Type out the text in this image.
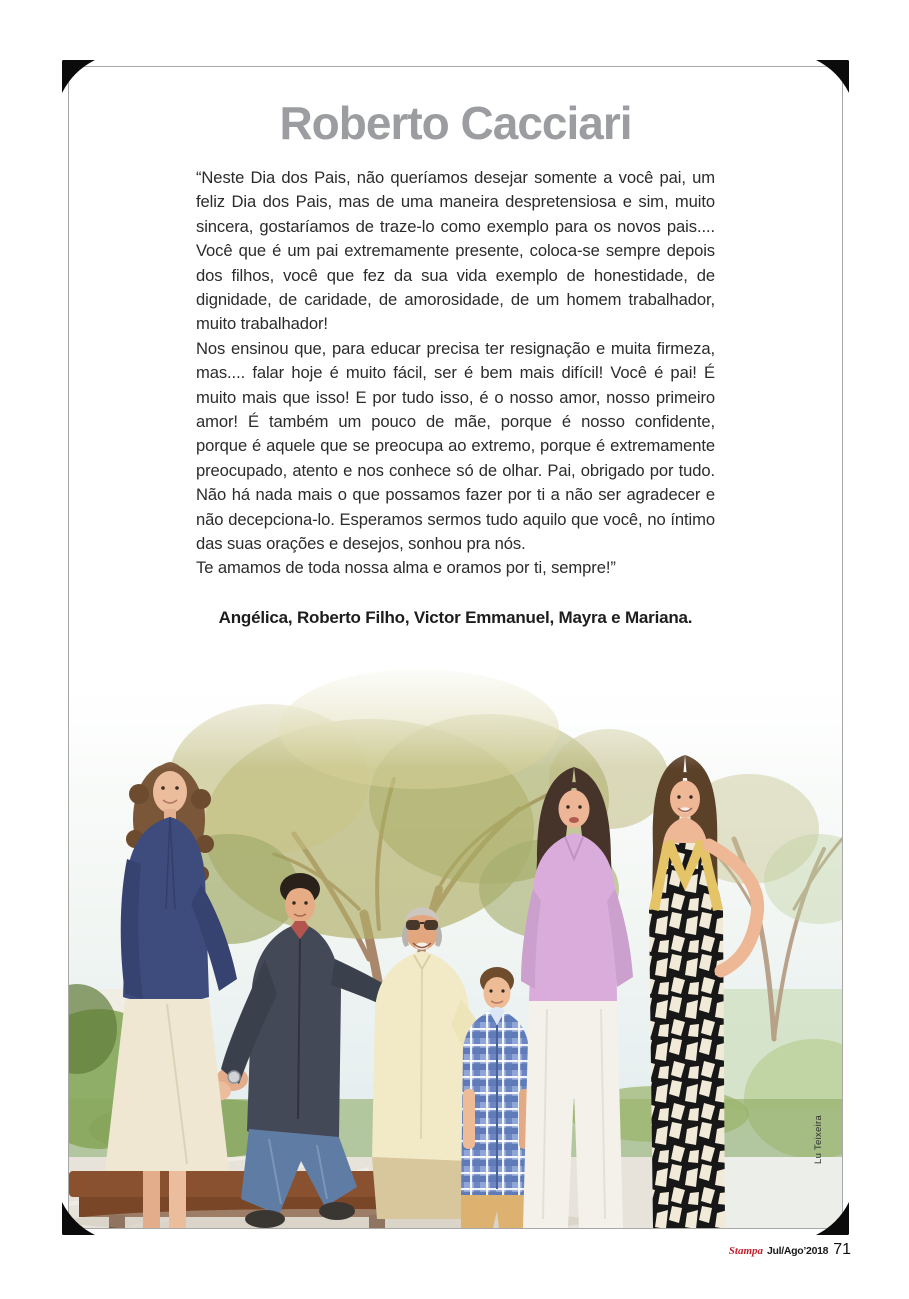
Roberto Cacciari

“Neste Dia dos Pais, não queríamos desejar somente a você pai, um feliz Dia dos Pais, mas de uma maneira despretensiosa e sim, muito sincera, gostaríamos de traze-lo como exemplo para os novos pais.... Você que é um pai extremamente presente, coloca-se sempre depois dos filhos, você que fez da sua vida exemplo de honestidade, de dignidade, de caridade, de amorosidade, de um homem trabalhador, muito trabalhador!

Nos ensinou que, para educar precisa ter resignação e muita firmeza, mas.... falar hoje é muito fácil, ser é bem mais difícil! Você é pai! É muito mais que isso! E por tudo isso, é o nosso amor, nosso primeiro amor! É também um pouco de mãe, porque é nosso confidente, porque é aquele que se preocupa ao extremo, porque é extremamente preocupado, atento e nos conhece só de olhar. Pai, obrigado por tudo. Não há nada mais o que possamos fazer por ti a não ser agradecer e não decepciona-lo. Esperamos sermos tudo aquilo que você, no íntimo das suas orações e desejos, sonhou pra nós.

Te amamos de toda nossa alma e oramos por ti, sempre!”

Angélica, Roberto Filho, Victor Emmanuel, Mayra e Mariana.
Lu Teixeira
Stampa Jul/Ago’2018 71
